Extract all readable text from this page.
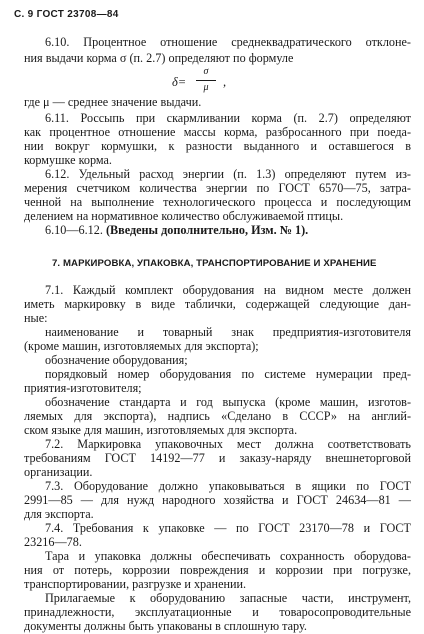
С. 9 ГОСТ 23708—84
6.10. Процентное отношение среднеквадратического отклоне-
ния выдачи корма σ (п. 2.7) определяют по формуле
δ=
σ
μ	,
где μ — среднее значение выдачи.
6.11. Россыпь при скармливании корма (п. 2.7) определяют
как процентное отношение массы корма, разбросанного при поеда-
нии вокруг кормушки, к разности выданного и оставшегося в
кормушке корма.
6.12. Удельный расход энергии (п. 1.3) определяют путем из-
мерения счетчиком количества энергии по ГОСТ 6570—75, затра-
ченной на выполнение технологического процесса и последующим
делением на нормативное количество обслуживаемой птицы.
6.10—6.12. (Введены дополнительно, Изм. № 1).
7. МАРКИРОВКА, УПАКОВКА, ТРАНСПОРТИРОВАНИЕ И ХРАНЕНИЕ
7.1. Каждый комплект оборудования на видном месте должен
иметь маркировку в виде таблички, содержащей следующие дан-
ные:
наименование и товарный знак предприятия-изготовителя
(кроме машин, изготовляемых для экспорта);
обозначение оборудования;
порядковый номер оборудования по системе нумерации пред-
приятия-изготовителя;
обозначение стандарта и год выпуска (кроме машин, изготов-
ляемых для экспорта), надпись «Сделано в СССР» на англий-
ском языке для машин, изготовляемых для экспорта.
7.2. Маркировка упаковочных мест должна соответствовать
требованиям ГОСТ 14192—77 и заказу-наряду внешнеторговой
организации.
7.3. Оборудование должно упаковываться в ящики по ГОСТ
2991—85 — для нужд народного хозяйства и ГОСТ 24634—81 —
для экспорта.
7.4. Требования к упаковке — по ГОСТ 23170—78 и ГОСТ
23216—78.
Тара и упаковка должны обеспечивать сохранность оборудова-
ния от потерь, коррозии повреждения и коррозии при погрузке,
транспортировании, разгрузке и хранении.
Прилагаемые к оборудованию запасные части, инструмент,
принадлежности, эксплуатационные и товаросопроводительные
документы должны быть упакованы в сплошную тару.
